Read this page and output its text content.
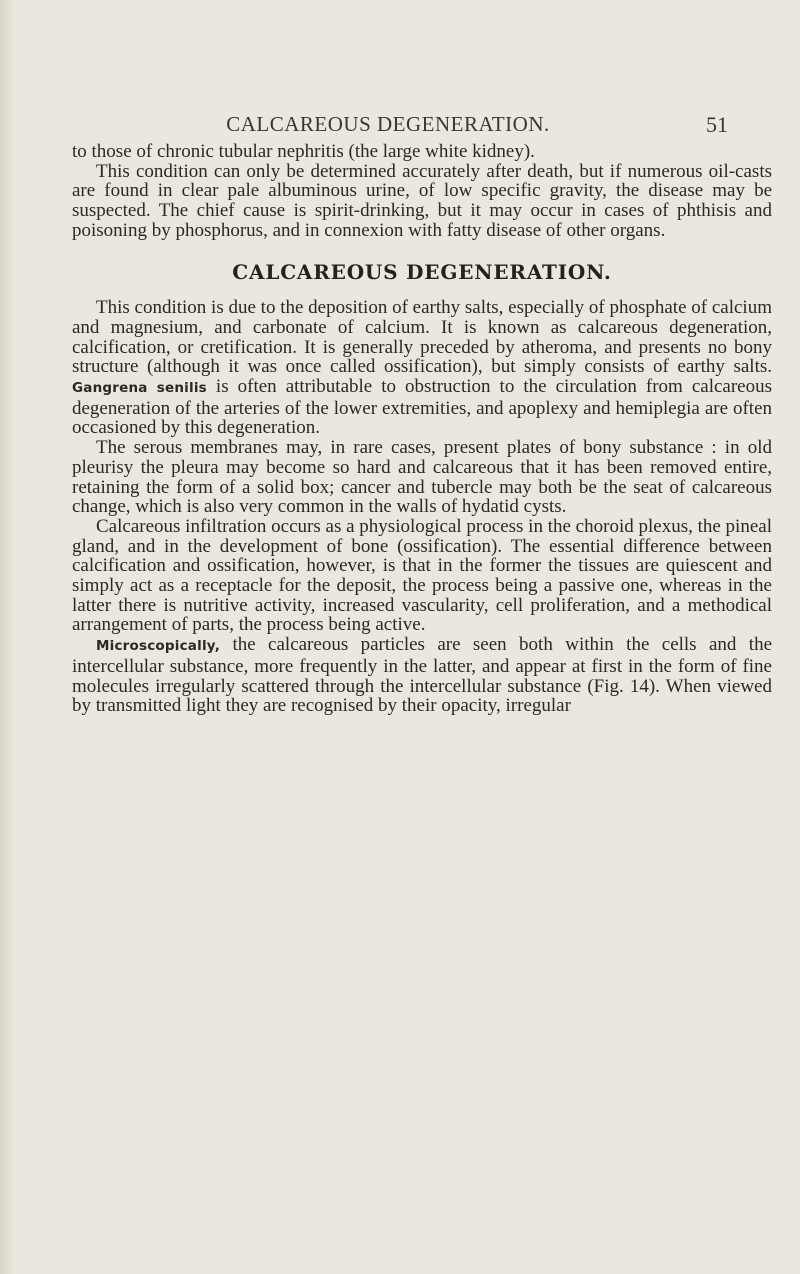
CALCAREOUS DEGENERATION.	51

to those of chronic tubular nephritis (the large white kidney).

This condition can only be determined accurately after death, but if numerous oil-casts are found in clear pale albuminous urine, of low specific gravity, the disease may be suspected. The chief cause is spirit-drinking, but it may occur in cases of phthisis and poisoning by phosphorus, and in connexion with fatty disease of other organs.

CALCAREOUS DEGENERATION.

This condition is due to the deposition of earthy salts, especially of phosphate of calcium and magnesium, and carbonate of calcium. It is known as calcareous degeneration, calcification, or cretification. It is generally preceded by atheroma, and presents no bony structure (although it was once called ossification), but simply consists of earthy salts. Gangrena senilis is often attributable to obstruction to the circulation from calcareous degeneration of the arteries of the lower extremities, and apoplexy and hemiplegia are often occasioned by this degeneration.

The serous membranes may, in rare cases, present plates of bony substance : in old pleurisy the pleura may become so hard and calcareous that it has been removed entire, retaining the form of a solid box; cancer and tubercle may both be the seat of calcareous change, which is also very common in the walls of hydatid cysts.

Calcareous infiltration occurs as a physiological process in the choroid plexus, the pineal gland, and in the development of bone (ossification). The essential difference between calcification and ossification, however, is that in the former the tissues are quiescent and simply act as a receptacle for the deposit, the process being a passive one, whereas in the latter there is nutritive activity, increased vascularity, cell proliferation, and a methodical arrangement of parts, the process being active.

Microscopically, the calcareous particles are seen both within the cells and the intercellular substance, more frequently in the latter, and appear at first in the form of fine molecules irregularly scattered through the intercellular substance (Fig. 14). When viewed by transmitted light they are recognised by their opacity, irregular
